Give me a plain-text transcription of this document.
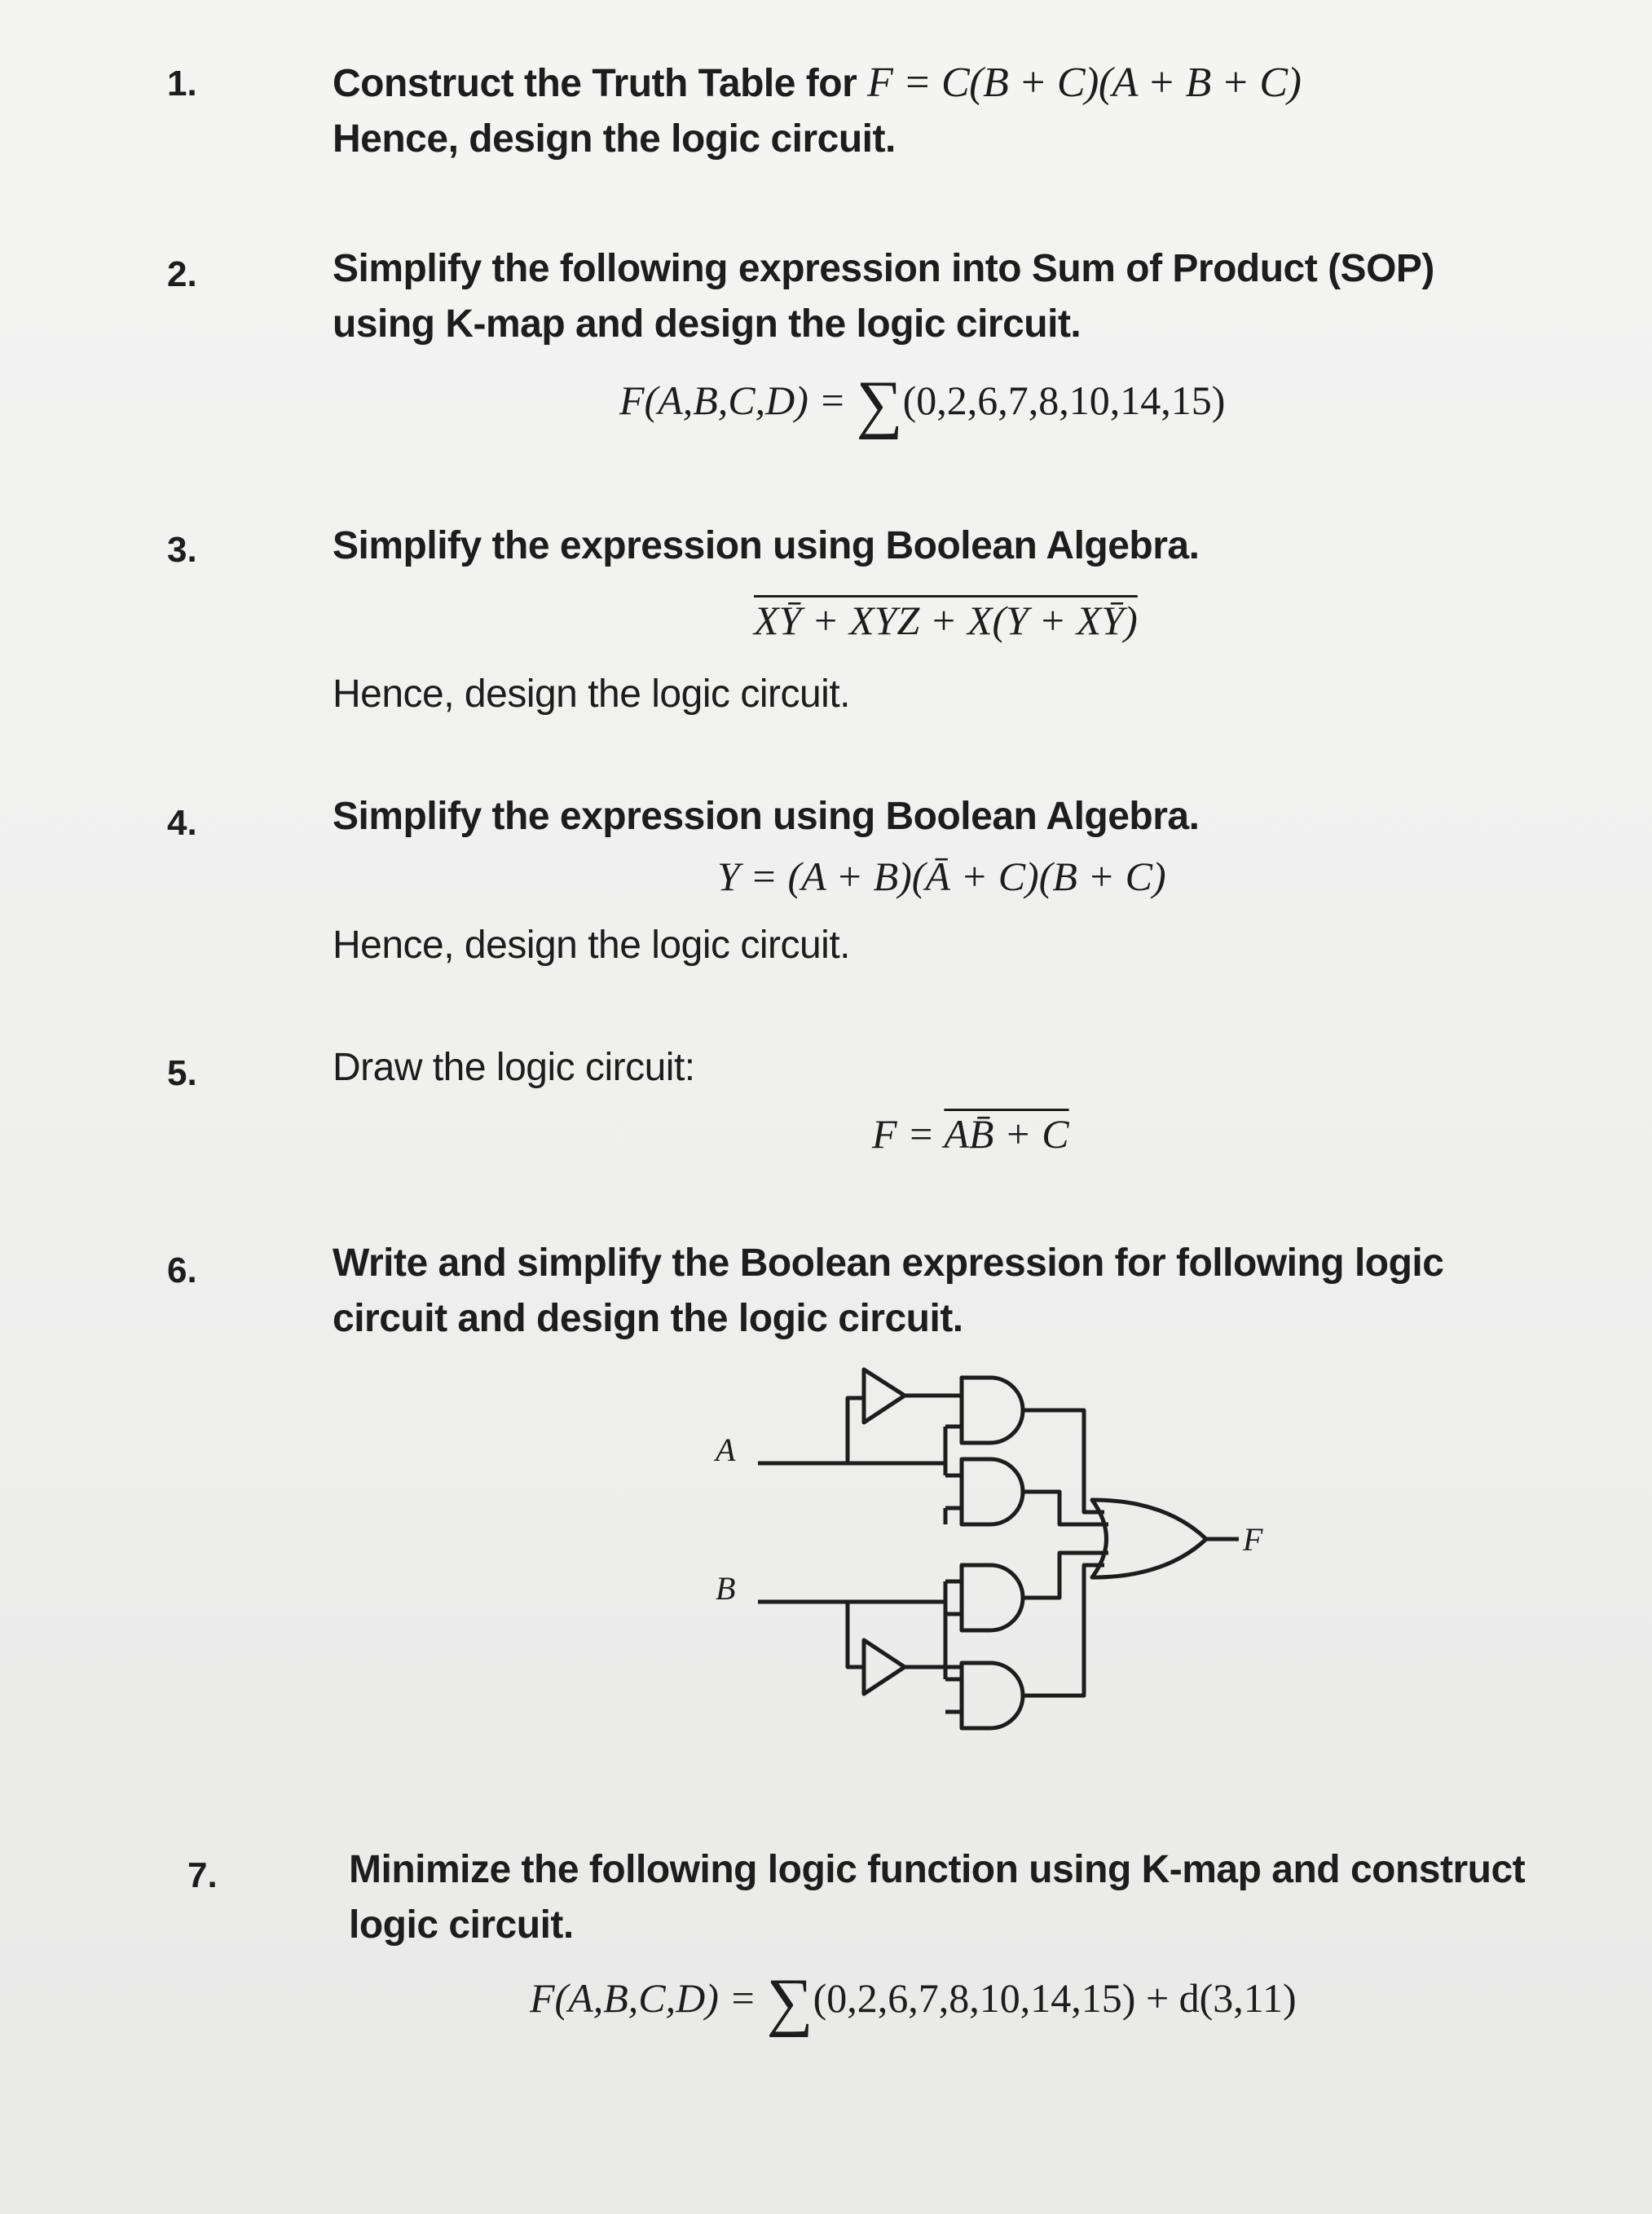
1.	Construct the Truth Table for F = C(B + C)(A + B + C)
Hence, design the logic circuit.
2.	Simplify the following expression into Sum of Product (SOP)
using K-map and design the logic circuit.
F(A,B,C,D) = ∑(0,2,6,7,8,10,14,15)
3.	Simplify the expression using Boolean Algebra.
XȲ + XYZ + X(Y + XȲ)
Hence, design the logic circuit.
4.	Simplify the expression using Boolean Algebra.
Y = (A + B)(Ā + C)(B + C)
Hence, design the logic circuit.
5.	Draw the logic circuit:
F = AB̄ + C
6.	Write and simplify the Boolean expression for following logic
circuit and design the logic circuit.
A
B
F
7.	Minimize the following logic function using K-map and construct
logic circuit.
F(A,B,C,D) = ∑(0,2,6,7,8,10,14,15) + d(3,11)
